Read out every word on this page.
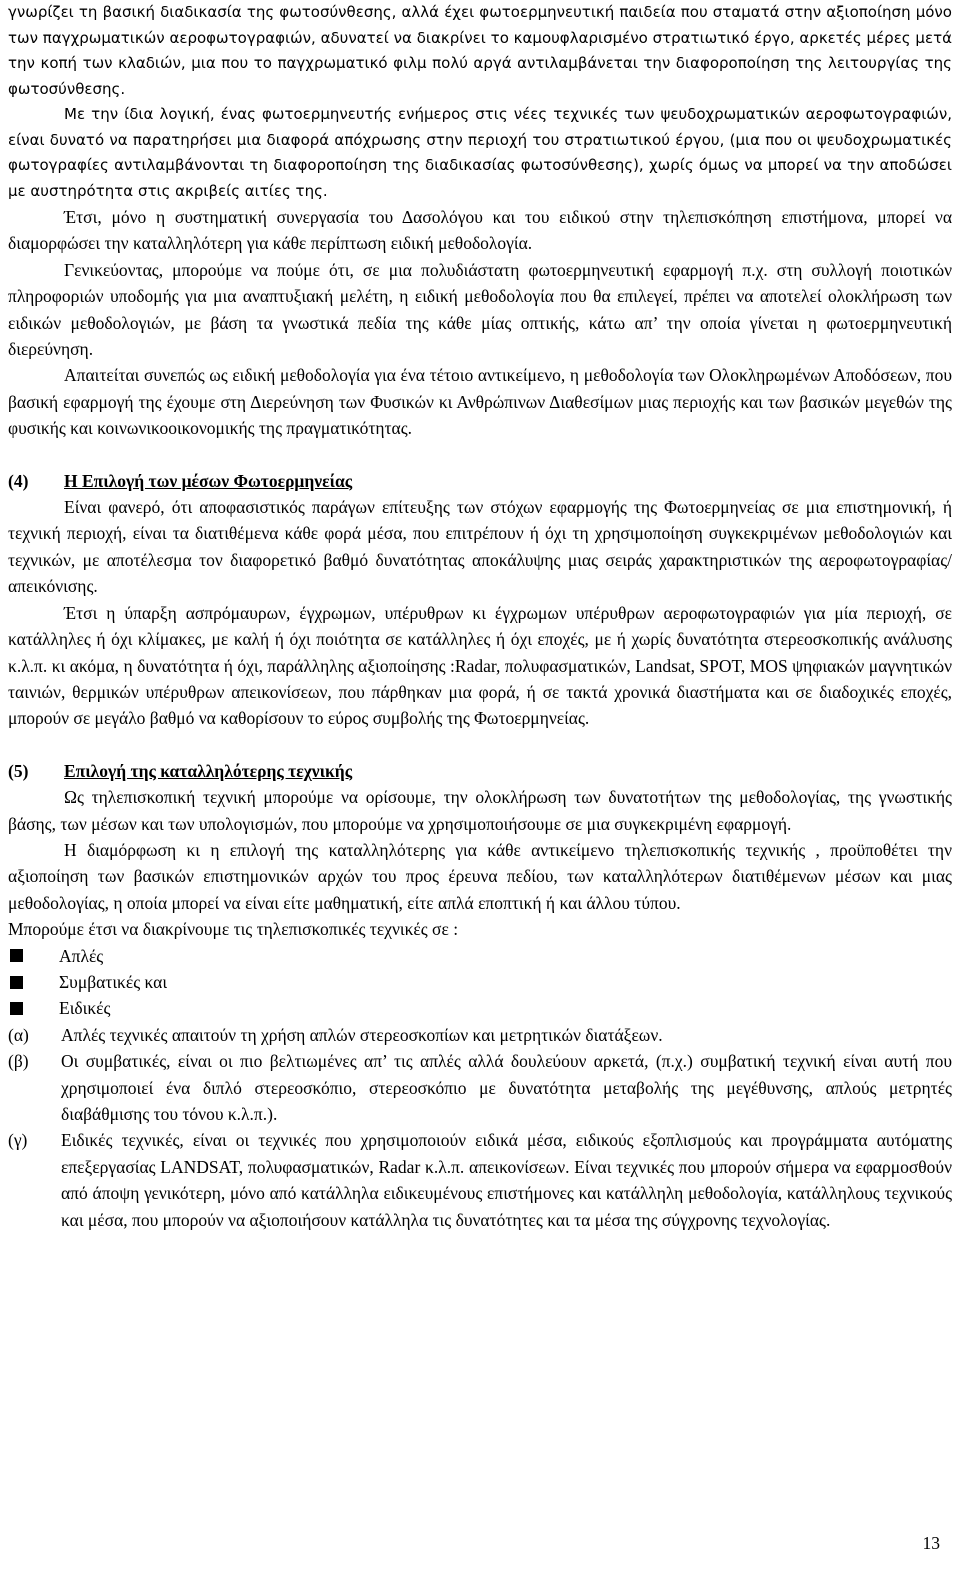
γνωρίζει τη βασική διαδικασία της φωτοσύνθεσης, αλλά έχει φωτοερμηνευτική παιδεία που σταματά στην αξιοποίηση μόνο των παγχρωματικών αεροφωτογραφιών, αδυνατεί να διακρίνει το καμουφλαρισμένο στρατιωτικό έργο, αρκετές μέρες μετά την κοπή των κλαδιών, μια που το παγχρωματικό φιλμ πολύ αργά αντιλαμβάνεται την διαφοροποίηση της λειτουργίας της φωτοσύνθεσης.

Με την ίδια λογική, ένας φωτοερμηνευτής ενήμερος στις νέες τεχνικές των ψευδοχρωματικών αεροφωτογραφιών, είναι δυνατό να παρατηρήσει μια διαφορά απόχρωσης στην περιοχή του στρατιωτικού έργου, (μια που οι ψευδοχρωματικές φωτογραφίες αντιλαμβάνονται τη διαφοροποίηση της διαδικασίας φωτοσύνθεσης), χωρίς όμως να μπορεί να την αποδώσει με αυστηρότητα στις ακριβείς αιτίες της.

Έτσι, μόνο η συστηματική συνεργασία του Δασολόγου και του ειδικού στην τηλεπισκόπηση επιστήμονα, μπορεί να διαμορφώσει την καταλληλότερη για κάθε περίπτωση ειδική μεθοδολογία.

Γενικεύοντας, μπορούμε να πούμε ότι, σε μια πολυδιάστατη φωτοερμηνευτική εφαρμογή π.χ. στη συλλογή ποιοτικών πληροφοριών υποδομής για μια αναπτυξιακή μελέτη, η ειδική μεθοδολογία που θα επιλεγεί, πρέπει να αποτελεί ολοκλήρωση των ειδικών μεθοδολογιών, με βάση τα γνωστικά πεδία της κάθε μίας οπτικής, κάτω απ’ την οποία γίνεται η φωτοερμηνευτική διερεύνηση.

Απαιτείται συνεπώς ως ειδική μεθοδολογία για ένα τέτοιο αντικείμενο, η μεθοδολογία των Ολοκληρωμένων Αποδόσεων, που βασική εφαρμογή της έχουμε στη Διερεύνηση των Φυσικών κι Ανθρώπινων Διαθεσίμων μιας περιοχής και των βασικών μεγεθών της φυσικής και κοινωνικοοικονομικής της πραγματικότητας.

(4)	Η Επιλογή των μέσων Φωτοερμηνείας

Είναι φανερό, ότι αποφασιστικός παράγων επίτευξης των στόχων εφαρμογής της Φωτοερμηνείας σε μια επιστημονική, ή τεχνική περιοχή, είναι τα διατιθέμενα κάθε φορά μέσα, που επιτρέπουν ή όχι τη χρησιμοποίηση συγκεκριμένων μεθοδολογιών και τεχνικών, με αποτέλεσμα τον διαφορετικό βαθμό δυνατότητας αποκάλυψης μιας σειράς χαρακτηριστικών της αεροφωτογραφίας/απεικόνισης.

Έτσι η ύπαρξη ασπρόμαυρων, έγχρωμων, υπέρυθρων κι έγχρωμων υπέρυθρων αεροφωτογραφιών για μία περιοχή, σε κατάλληλες ή όχι κλίμακες, με καλή ή όχι ποιότητα σε κατάλληλες ή όχι εποχές, με ή χωρίς δυνατότητα στερεοσκοπικής ανάλυσης κ.λ.π. κι ακόμα, η δυνατότητα ή όχι, παράλληλης αξιοποίησης :Radar, πολυφασματικών, Landsat, SPOT, MOS ψηφιακών μαγνητικών ταινιών, θερμικών υπέρυθρων απεικονίσεων, που πάρθηκαν μια φορά, ή σε τακτά χρονικά διαστήματα και σε διαδοχικές εποχές, μπορούν σε μεγάλο βαθμό να καθορίσουν το εύρος συμβολής της Φωτοερμηνείας.

(5)	Επιλογή της καταλληλότερης τεχνικής

Ως τηλεπισκοπική τεχνική μπορούμε να ορίσουμε, την ολοκλήρωση των δυνατοτήτων της μεθοδολογίας, της γνωστικής βάσης, των μέσων και των υπολογισμών, που μπορούμε να χρησιμοποιήσουμε σε μια συγκεκριμένη εφαρμογή.

Η διαμόρφωση κι η επιλογή της καταλληλότερης για κάθε αντικείμενο τηλεπισκοπικής τεχνικής , προϋποθέτει την αξιοποίηση των βασικών επιστημονικών αρχών του προς έρευνα πεδίου, των καταλληλότερων διατιθέμενων μέσων και μιας μεθοδολογίας, η οποία μπορεί να είναι είτε μαθηματική, είτε απλά εποπτική ή και άλλου τύπου.

Μπορούμε έτσι να διακρίνουμε τις τηλεπισκοπικές τεχνικές σε :

Απλές
Συμβατικές και
Ειδικές
(α)	Απλές τεχνικές απαιτούν τη χρήση απλών στερεοσκοπίων και μετρητικών διατάξεων.
(β)	Οι συμβατικές, είναι οι πιο βελτιωμένες απ’ τις απλές αλλά δουλεύουν αρκετά, (π.χ.) συμβατική τεχνική είναι αυτή που χρησιμοποιεί ένα διπλό στερεοσκόπιο, στερεοσκόπιο με δυνατότητα μεταβολής της μεγέθυνσης, απλούς μετρητές διαβάθμισης του τόνου κ.λ.π.).
(γ)	Ειδικές τεχνικές, είναι οι τεχνικές που χρησιμοποιούν ειδικά μέσα, ειδικούς εξοπλισμούς και προγράμματα αυτόματης επεξεργασίας LANDSAT, πολυφασματικών, Radar κ.λ.π. απεικονίσεων. Είναι τεχνικές που μπορούν σήμερα να εφαρμοσθούν από άποψη γενικότερη, μόνο από κατάλληλα ειδικευμένους επιστήμονες και κατάλληλη μεθοδολογία, κατάλληλους τεχνικούς και μέσα, που μπορούν να αξιοποιήσουν κατάλληλα τις δυνατότητες και τα μέσα της σύγχρονης τεχνολογίας.
13
